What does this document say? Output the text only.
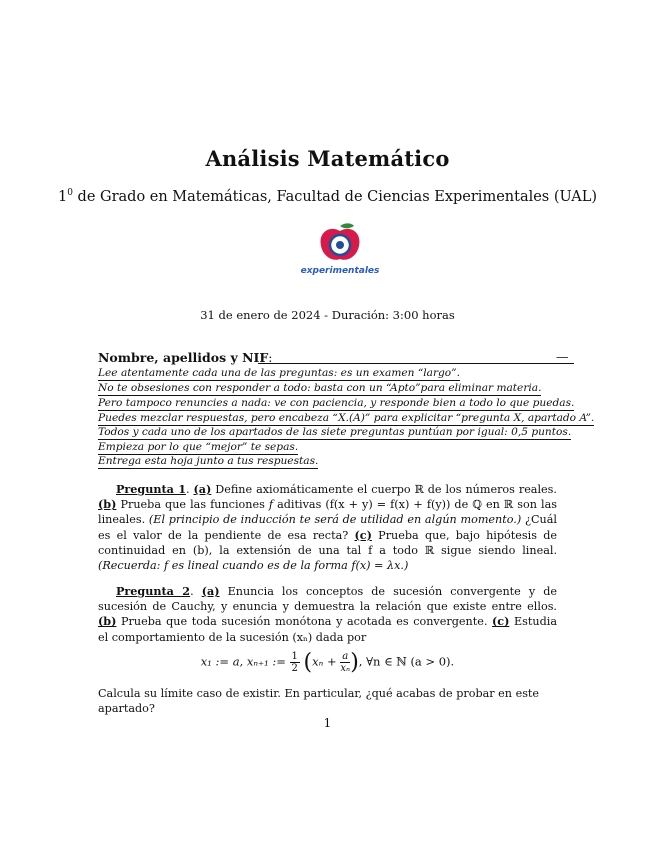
Análisis Matemático
$1^0$ de Grado en Matemáticas, Facultad de Ciencias Experimentales (UAL)
experimentales
31 de enero de 2024 - Duración: 3:00 horas
Nombre, apellidos y NIF:	—
Lee atentamente cada una de las preguntas: es un examen “largo”.
No te obsesiones con responder a todo: basta con un “Apto”para eliminar materia.
Pero tampoco renuncies a nada: ve con paciencia, y responde bien a todo lo que puedas.
Puedes mezclar respuestas, pero encabeza “X.(A)” para explicitar “pregunta X, apartado A”.
Todos y cada uno de los apartados de las siete preguntas puntúan por igual: 0,5 puntos.
Empieza por lo que “mejor” te sepas.
Entrega esta hoja junto a tus respuestas.
Pregunta 1. (a) Define axiomáticamente el cuerpo ℝ de los números reales. (b) Prueba que las funciones f aditivas (f(x + y) = f(x) + f(y)) de ℚ en ℝ son las lineales. (El principio de inducción te será de utilidad en algún momento.) ¿Cuál es el valor de la pendiente de esa recta? (c) Prueba que, bajo hipótesis de continuidad en (b), la extensión de una tal f a todo ℝ sigue siendo lineal. (Recuerda: f es lineal cuando es de la forma f(x) = λx.)
Pregunta 2. (a) Enuncia los conceptos de sucesión convergente y de sucesión de Cauchy, y enuncia y demuestra la relación que existe entre ellos. (b) Prueba que toda sucesión monótona y acotada es convergente. (c) Estudia el comportamiento de la sucesión (xₙ) dada por
x₁ := a, xₙ₊₁ := $\frac{1}{2} (x_n + \frac{a}{\text{xₙ}}$ ), ∀n ∈ ℕ (a > 0).
Calcula su límite caso de existir. En particular, ¿qué acabas de probar en este apartado?
1
